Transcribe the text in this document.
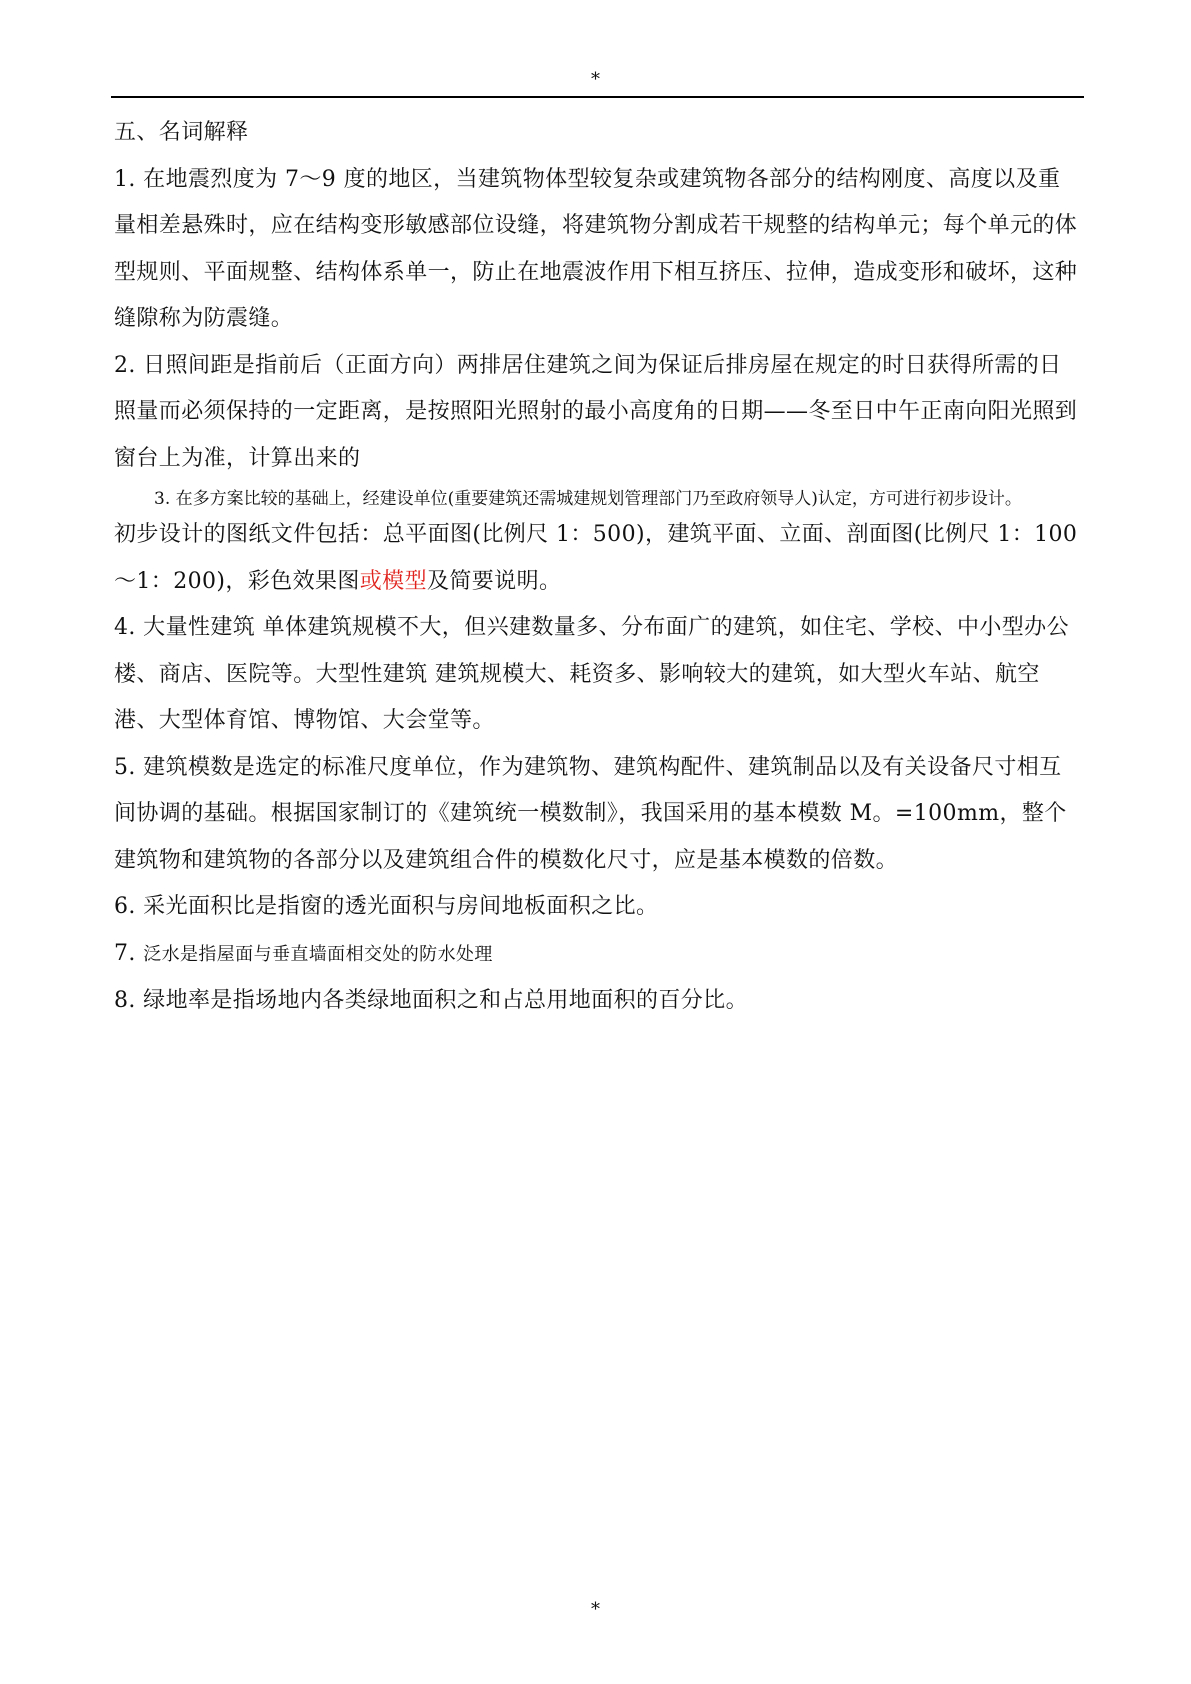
*

五、名词解释

1. 在地震烈度为 7～9 度的地区，当建筑物体型较复杂或建筑物各部分的结构刚度、高度以及重量相差悬殊时，应在结构变形敏感部位设缝，将建筑物分割成若干规整的结构单元；每个单元的体型规则、平面规整、结构体系单一，防止在地震波作用下相互挤压、拉伸，造成变形和破坏，这种缝隙称为防震缝。

2. 日照间距是指前后（正面方向）两排居住建筑之间为保证后排房屋在规定的时日获得所需的日照量而必须保持的一定距离，是按照阳光照射的最小高度角的日期——冬至日中午正南向阳光照到窗台上为准，计算出来的

3. 在多方案比较的基础上，经建设单位(重要建筑还需城建规划管理部门乃至政府领导人)认定，方可进行初步设计。

初步设计的图纸文件包括：总平面图(比例尺 1：500)，建筑平面、立面、剖面图(比例尺 1：100～1：200)，彩色效果图或模型及简要说明。

4. 大量性建筑 单体建筑规模不大，但兴建数量多、分布面广的建筑，如住宅、学校、中小型办公楼、商店、医院等。大型性建筑 建筑规模大、耗资多、影响较大的建筑，如大型火车站、航空港、大型体育馆、博物馆、大会堂等。

5. 建筑模数是选定的标准尺度单位，作为建筑物、建筑构配件、建筑制品以及有关设备尺寸相互间协调的基础。根据国家制订的《建筑统一模数制》，我国采用的基本模数 M。=100mm，整个建筑物和建筑物的各部分以及建筑组合件的模数化尺寸，应是基本模数的倍数。

6. 采光面积比是指窗的透光面积与房间地板面积之比。

7. 泛水是指屋面与垂直墙面相交处的防水处理

8. 绿地率是指场地内各类绿地面积之和占总用地面积的百分比。

*
